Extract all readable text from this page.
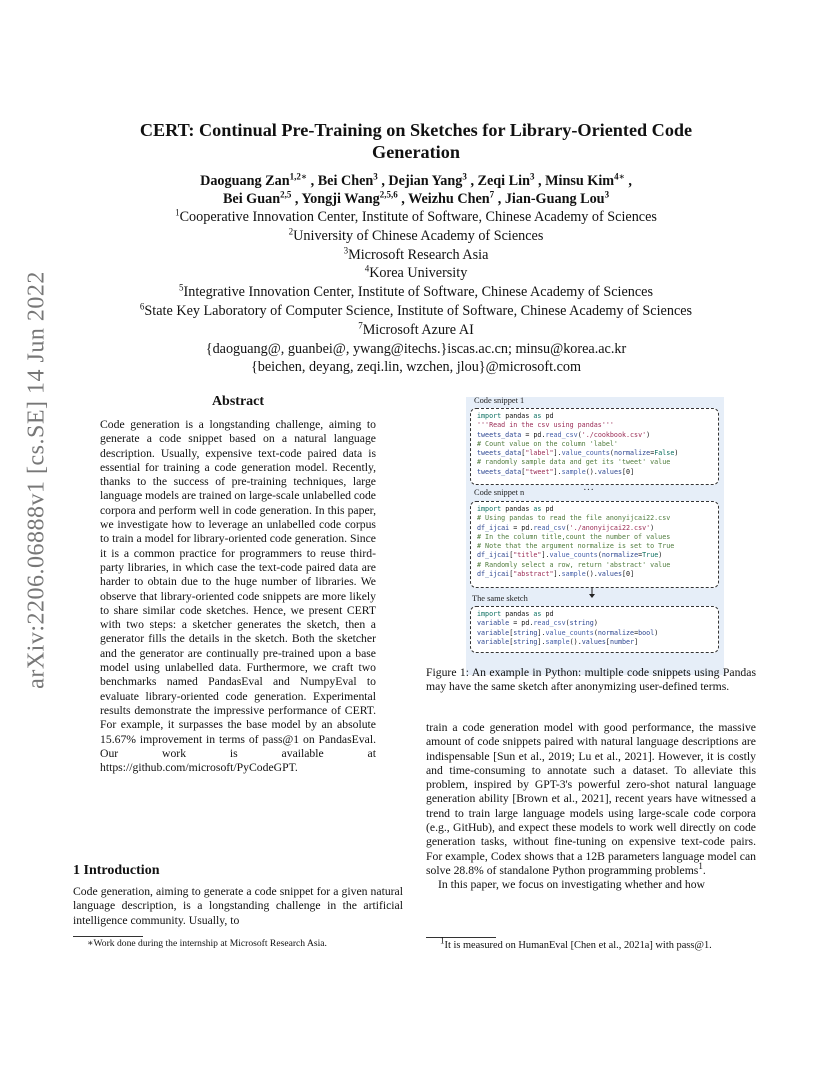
arXiv:2206.06888v1 [cs.SE] 14 Jun 2022
CERT: Continual Pre-Training on Sketches for Library-Oriented Code Generation
Daoguang Zan$^{1,2∗}$ , Bei Chen$^3$ , Dejian Yang$^3$ , Zeqi Lin$^3$ , Minsu Kim$^{4∗}$ ,
Bei Guan$^{2,5}$ , Yongji Wang$^{2,5,6}$ , Weizhu Chen$^7$ , Jian-Guang Lou$^3$
$^1$Cooperative Innovation Center, Institute of Software, Chinese Academy of Sciences
$^2$University of Chinese Academy of Sciences
$^3$Microsoft Research Asia
$^4$Korea University
$^5$Integrative Innovation Center, Institute of Software, Chinese Academy of Sciences
$^6$State Key Laboratory of Computer Science, Institute of Software, Chinese Academy of Sciences
$^7$Microsoft Azure AI
{daoguang@, guanbei@, ywang@itechs.}iscas.ac.cn; minsu@korea.ac.kr
{beichen, deyang, zeqi.lin, wzchen, jlou}@microsoft.com
Abstract
Code generation is a longstanding challenge, aiming to generate a code snippet based on a natural language description. Usually, expensive text-code paired data is essential for training a code generation model. Recently, thanks to the success of pre-training techniques, large language models are trained on large-scale unlabelled code corpora and perform well in code generation. In this paper, we investigate how to leverage an unlabelled code corpus to train a model for library-oriented code generation. Since it is a common practice for programmers to reuse third-party libraries, in which case the text-code paired data are harder to obtain due to the huge number of libraries. We observe that library-oriented code snippets are more likely to share similar code sketches. Hence, we present CERT with two steps: a sketcher generates the sketch, then a generator fills the details in the sketch. Both the sketcher and the generator are continually pre-trained upon a base model using unlabelled data. Furthermore, we craft two benchmarks named PandasEval and NumpyEval to evaluate library-oriented code generation. Experimental results demonstrate the impressive performance of CERT. For example, it surpasses the base model by an absolute 15.67% improvement in terms of pass@1 on PandasEval. Our work is available at https://github.com/microsoft/PyCodeGPT.
1 Introduction
Code generation, aiming to generate a code snippet for a given natural language description, is a longstanding challenge in the artificial intelligence community. Usually, to
∗Work done during the internship at Microsoft Research Asia.
Code snippet 1
import pandas as pd
'''Read in the csv using pandas'''
tweets_data = pd.read_csv('./cookbook.csv')
# Count value on the column 'label'
tweets_data["label"].value_counts(normalize=False)
# randomly sample data and get its 'tweet' value
tweets_data["tweet"].sample().values[0]
Code snippet n	···
import pandas as pd
# Using pandas to read the file anonyijcai22.csv
df_ijcai = pd.read_csv('./anonyijcai22.csv')
# In the column title,count the number of values
# Note that the argument normalize is set to True
df_ijcai["title"].value_counts(normalize=True)
# Randomly select a row, return 'abstract' value
df_ijcai["abstract"].sample().values[0]
The same sketch
import pandas as pd
variable = pd.read_csv(string)
variable[string].value_counts(normalize=bool)
variable[string].sample().values[number]
Figure 1: An example in Python: multiple code snippets using Pandas may have the same sketch after anonymizing user-defined terms.

train a code generation model with good performance, the massive amount of code snippets paired with natural language descriptions are indispensable [Sun et al., 2019; Lu et al., 2021]. However, it is costly and time-consuming to annotate such a dataset. To alleviate this problem, inspired by GPT-3's powerful zero-shot natural language generation ability [Brown et al., 2021], recent years have witnessed a trend to train large language models using large-scale code corpora (e.g., GitHub), and expect these models to work well directly on code generation tasks, without fine-tuning on expensive text-code pairs. For example, Codex shows that a 12B parameters language model can solve 28.8% of standalone Python programming problems$^1$.

In this paper, we focus on investigating whether and how

$^1$It is measured on HumanEval [Chen et al., 2021a] with pass@1.
